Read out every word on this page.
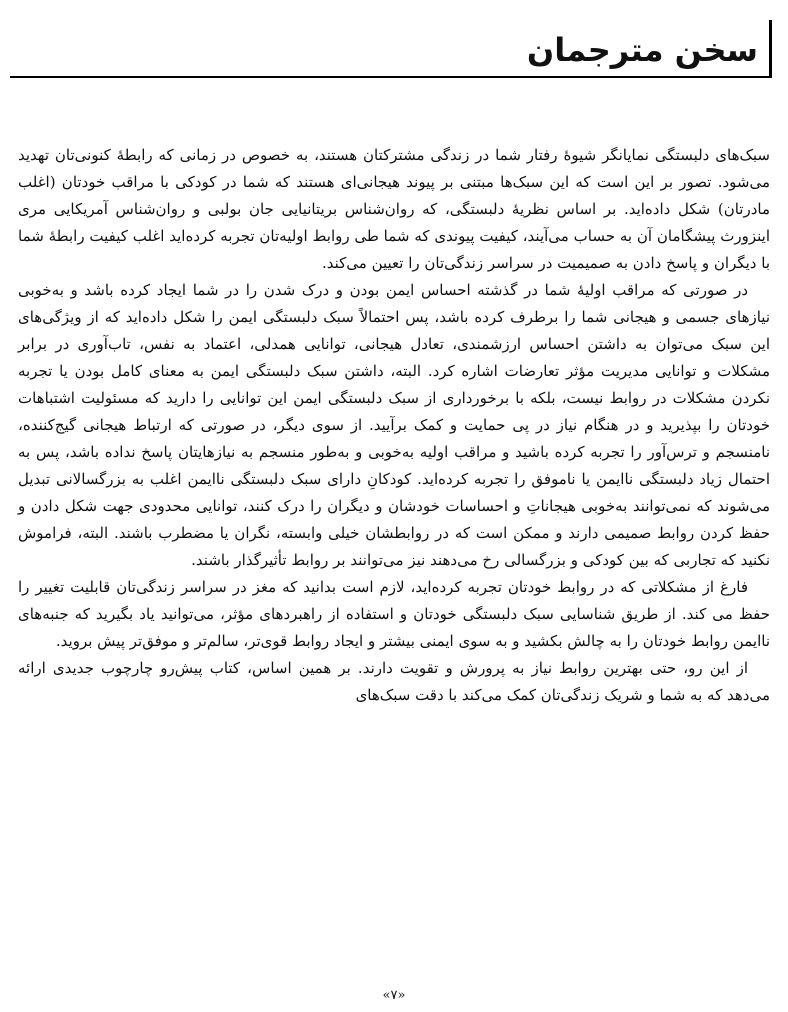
سخن مترجمان

سبک‌های دلبستگی نمایانگر شیوهٔ رفتار شما در زندگی مشترکتان هستند، به خصوص در زمانی که رابطهٔ کنونی‌تان تهدید می‌شود. تصور بر این است که این سبک‌ها مبتنی بر پیوند هیجانی‌ای هستند که شما در کودکی با مراقب خودتان (اغلب مادرتان) شکل داده‌اید. بر اساس نظریهٔ دلبستگی، که روان‌شناس بریتانیایی جان بولبی و روان‌شناس آمریکایی مری اینزورث پیشگامان آن به حساب می‌آیند، کیفیت پیوندی که شما طی روابط اولیه‌تان تجربه کرده‌اید اغلب کیفیت رابطهٔ شما با دیگران و پاسخ دادن به صمیمیت در سراسر زندگی‌تان را تعیین می‌کند.

در صورتی که مراقب اولیهٔ شما در گذشته احساس ایمن بودن و درک شدن را در شما ایجاد کرده باشد و به‌خوبی نیازهای جسمی و هیجانی شما را برطرف کرده باشد، پس احتمالاً سبک دلبستگی ایمن را شکل داده‌اید که از ویژگی‌های این سبک می‌توان به داشتن احساس ارزشمندی، تعادل هیجانی، توانایی همدلی، اعتماد به نفس، تاب‌آوری در برابر مشکلات و توانایی مدیریت مؤثر تعارضات اشاره کرد. البته، داشتن سبک دلبستگی ایمن به معنای کامل بودن یا تجربه نکردن مشکلات در روابط نیست، بلکه با برخورداری از سبک دلبستگی ایمن این توانایی را دارید که مسئولیت اشتباهات خودتان را بپذیرید و در هنگام نیاز در پی حمایت و کمک برآیید. از سوی دیگر، در صورتی که ارتباط هیجانی گیج‌کننده، نامنسجم و ترس‌آور را تجربه کرده باشید و مراقب اولیه به‌خوبی و به‌طور منسجم به نیازهایتان پاسخ نداده باشد، پس به احتمال زیاد دلبستگی ناایمن یا ناموفق را تجربه کرده‌اید. کودکانِ دارای سبک دلبستگی ناایمن اغلب به بزرگسالانی تبدیل می‌شوند که نمی‌توانند به‌خوبی هیجاناتِ و احساسات خودشان و دیگران را درک کنند، توانایی محدودی جهت شکل دادن و حفظ کردن روابط صمیمی دارند و ممکن است که در روابطشان خیلی وابسته، نگران یا مضطرب باشند. البته، فراموش نکنید که تجاربی که بین کودکی و بزرگسالی رخ می‌دهند نیز می‌توانند بر روابط تأثیرگذار باشند.

فارغ از مشکلاتی که در روابط خودتان تجربه کرده‌اید، لازم است بدانید که مغز در سراسر زندگی‌تان قابلیت تغییر را حفظ می کند. از طریق شناسایی سبک دلبستگی خودتان و استفاده از راهبردهای مؤثر، می‌توانید یاد بگیرید که جنبه‌های ناایمن روابط خودتان را به چالش بکشید و به سوی ایمنی بیشتر و ایجاد روابط قوی‌تر، سالم‌تر و موفق‌تر پیش بروید.

از این رو، حتی بهترین روابط نیاز به پرورش و تقویت دارند. بر همین اساس، کتاب پیش‌رو چارچوب جدیدی ارائه می‌دهد که به شما و شریک زندگی‌تان کمک می‌کند با دقت سبک‌های

«۷»
